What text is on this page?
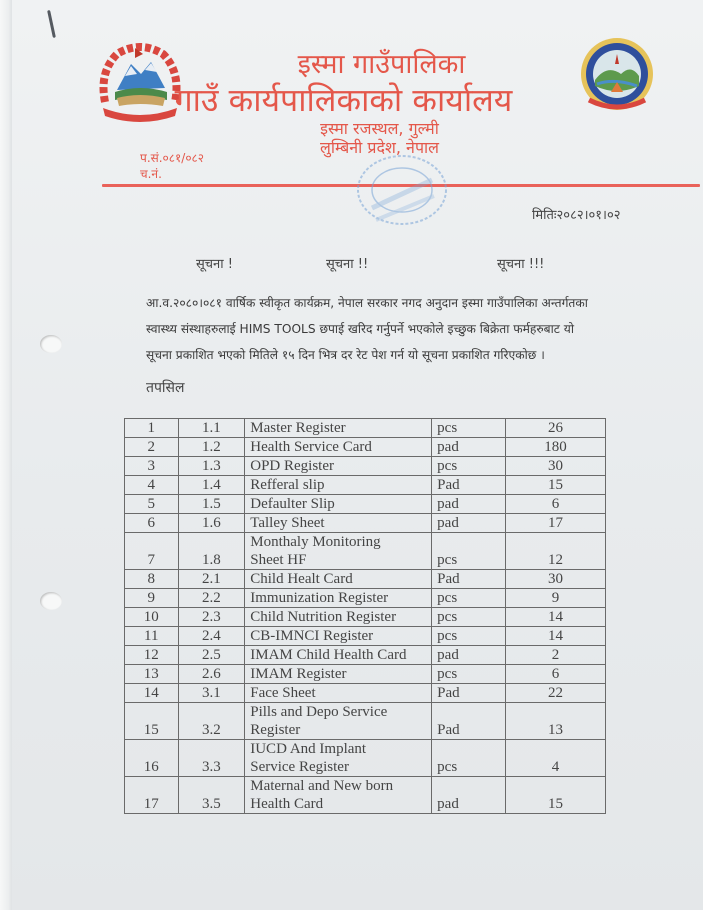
इस्मा गाउँपालिका
गाउँ कार्यपालिकाको कार्यालय
इस्मा रजस्थल, गुल्मी
लुम्बिनी प्रदेश, नेपाल
प.सं.०८१/०८२
च.नं.
मितिः२०८२।०१।०२
सूचना !	सूचना !!	सूचना !!!
आ.व.२०८०।०८१ वार्षिक स्वीकृत कार्यक्रम, नेपाल सरकार नगद अनुदान इस्मा गाउँपालिका अन्तर्गतका
स्वास्थ्य संस्थाहरुलाई HIMS TOOLS छपाई खरिद गर्नुपर्ने भएकोले इच्छुक बिक्रेता फर्महरुबाट यो
सूचना प्रकाशित भएको मितिले १५ दिन भित्र दर रेट पेश गर्न यो सूचना प्रकाशित गरिएकोछ ।
तपसिल
1	1.1	Master Register	pcs	26
2	1.2	Health Service Card	pad	180
3	1.3	OPD Register	pcs	30
4	1.4	Refferal slip	Pad	15
5	1.5	Defaulter Slip	pad	6
6	1.6	Talley Sheet	pad	17
7	1.8	Monthaly Monitoring
Sheet HF	pcs	12
8	2.1	Child Healt Card	Pad	30
9	2.2	Immunization Register	pcs	9
10	2.3	Child Nutrition Register	pcs	14
11	2.4	CB-IMNCI Register	pcs	14
12	2.5	IMAM Child Health Card	pad	2
13	2.6	IMAM Register	pcs	6
14	3.1	Face Sheet	Pad	22
15	3.2	Pills and Depo Service
Register	Pad	13
16	3.3	IUCD And Implant
Service Register	pcs	4
17	3.5	Maternal and New born
Health Card	pad	15
